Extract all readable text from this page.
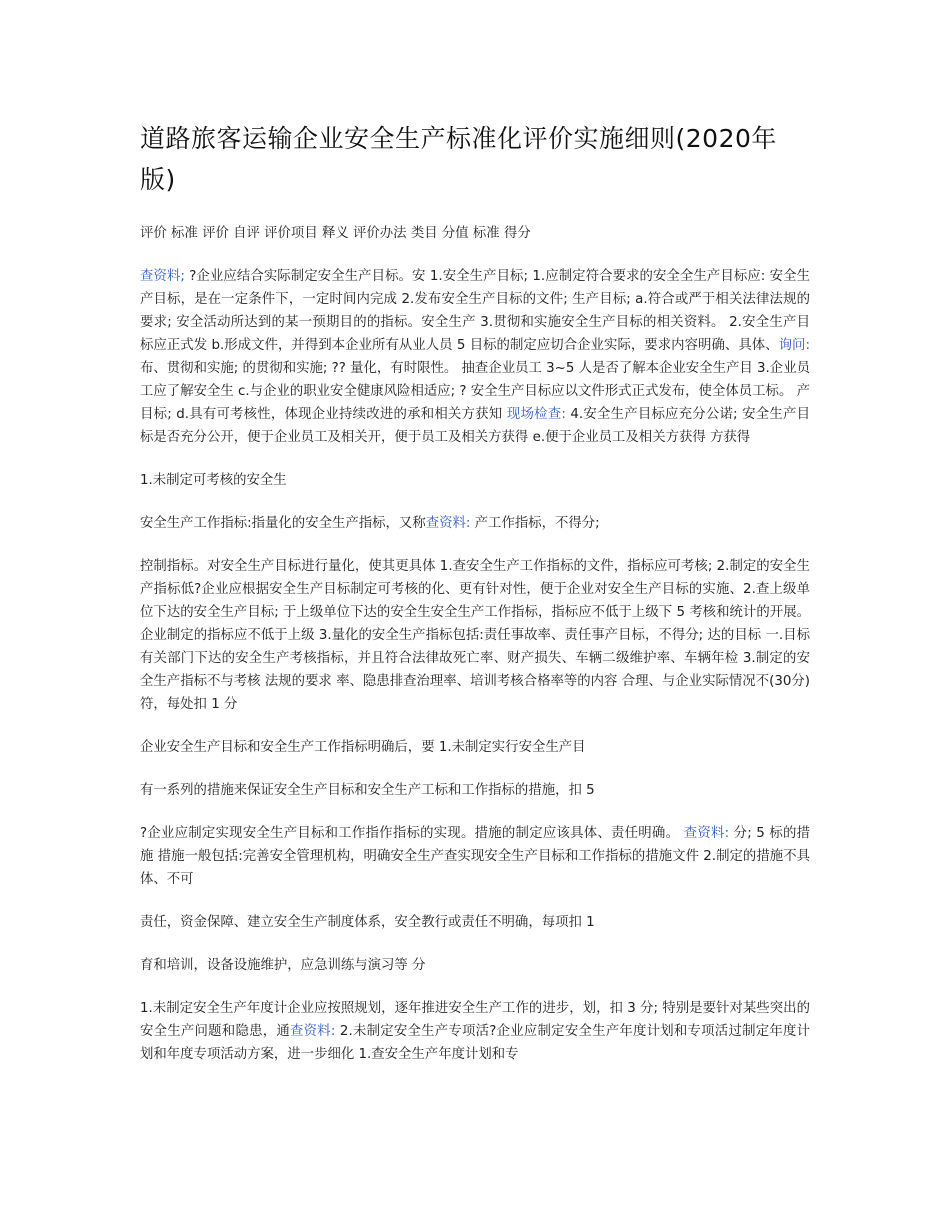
道路旅客运输企业安全生产标准化评价实施细则(2020年版)

评价 标准 评价 自评 评价项目 释义 评价办法 类目 分值 标准 得分

查资料; ?企业应结合实际制定安全生产目标。安 1.安全生产目标; 1.应制定符合要求的安全全生产目标应: 安全生产目标，是在一定条件下，一定时间内完成 2.发布安全生产目标的文件; 生产目标; a.符合或严于相关法律法规的要求; 安全活动所达到的某一预期目的的指标。安全生产 3.贯彻和实施安全生产目标的相关资料。 2.安全生产目标应正式发 b.形成文件，并得到本企业所有从业人员 5 目标的制定应切合企业实际，要求内容明确、具体、询问: 布、贯彻和实施; 的贯彻和实施; ?? 量化，有时限性。 抽查企业员工 3~5 人是否了解本企业安全生产目 3.企业员工应了解安全生 c.与企业的职业安全健康风险相适应; ? 安全生产目标应以文件形式正式发布，使全体员工标。 产目标; d.具有可考核性，体现企业持续改进的承和相关方获知 现场检查: 4.安全生产目标应充分公诺; 安全生产目标是否充分公开，便于企业员工及相关开，便于员工及相关方获得 e.便于企业员工及相关方获得 方获得

1.未制定可考核的安全生

安全生产工作指标:指量化的安全生产指标，又称查资料: 产工作指标，不得分;

控制指标。对安全生产目标进行量化，使其更具体 1.查安全生产工作指标的文件，指标应可考核; 2.制定的安全生产指标低?企业应根据安全生产目标制定可考核的化、更有针对性，便于企业对安全生产目标的实施、2.查上级单位下达的安全生产目标; 于上级单位下达的安全生安全生产工作指标，指标应不低于上级下 5 考核和统计的开展。企业制定的指标应不低于上级 3.量化的安全生产指标包括:责任事故率、责任事产目标，不得分; 达的目标 一.目标有关部门下达的安全生产考核指标，并且符合法律故死亡率、财产损失、车辆二级维护率、车辆年检 3.制定的安全生产指标不与考核 法规的要求 率、隐患排查治理率、培训考核合格率等的内容 合理、与企业实际情况不(30分) 符，每处扣 1 分

企业安全生产目标和安全生产工作指标明确后，要 1.未制定实行安全生产目

有一系列的措施来保证安全生产目标和安全生产工标和工作指标的措施，扣 5

?企业应制定实现安全生产目标和工作指作指标的实现。措施的制定应该具体、责任明确。 查资料: 分; 5 标的措施 措施一般包括:完善安全管理机构，明确安全生产查实现安全生产目标和工作指标的措施文件 2.制定的措施不具体、不可

责任，资金保障、建立安全生产制度体系，安全教行或责任不明确，每项扣 1

育和培训，设备设施维护，应急训练与演习等 分

1.未制定安全生产年度计企业应按照规划，逐年推进安全生产工作的进步，划，扣 3 分; 特别是要针对某些突出的安全生产问题和隐患，通查资料: 2.未制定安全生产专项活?企业应制定安全生产年度计划和专项活过制定年度计划和年度专项活动方案，进一步细化 1.查安全生产年度计划和专
